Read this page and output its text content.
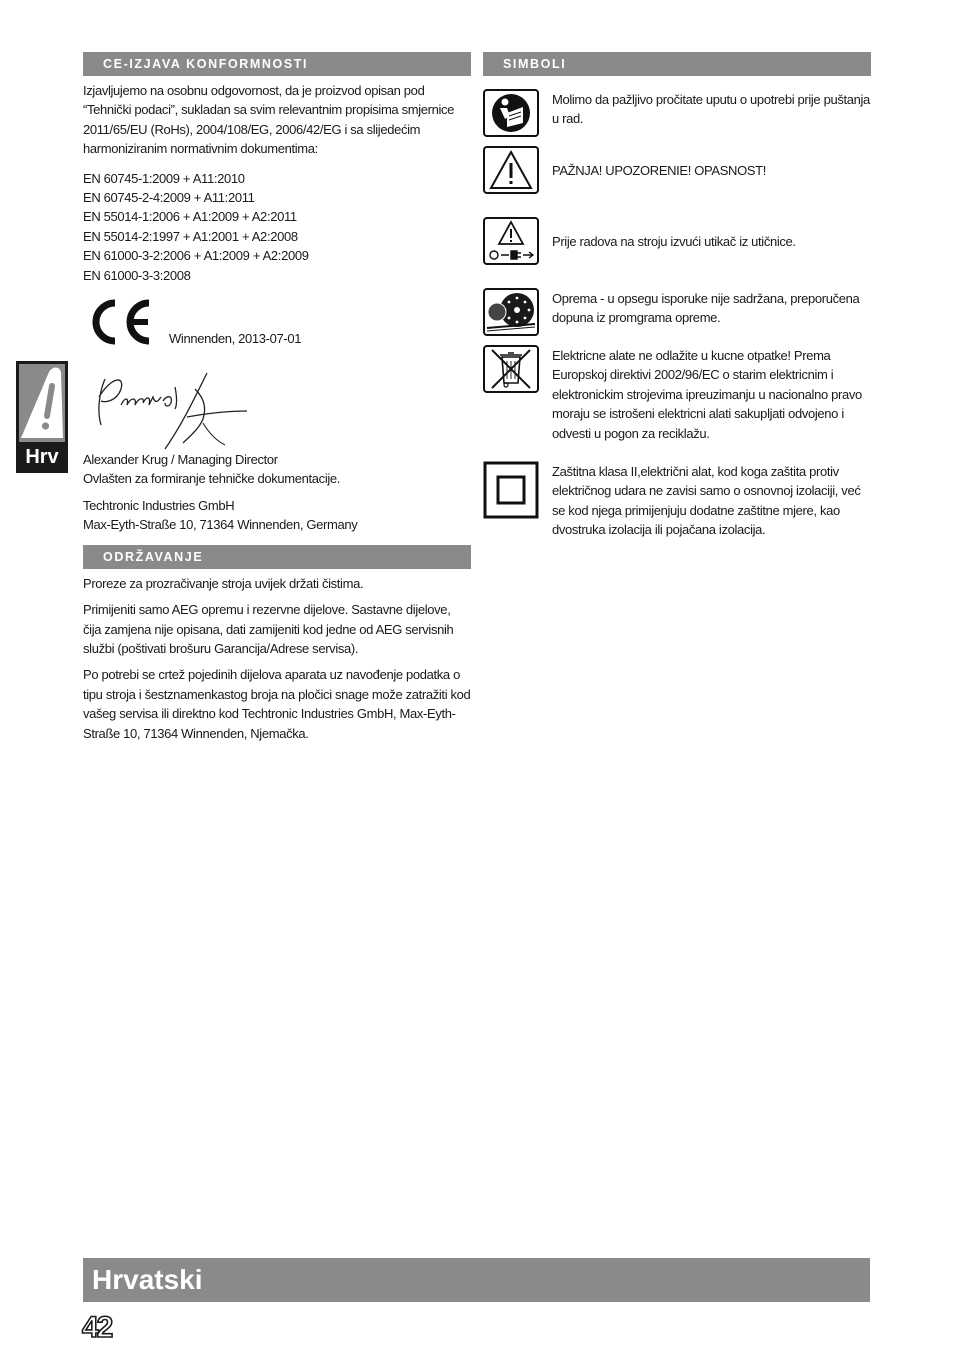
CE-IZJAVA KONFORMNOSTI

Izjavljujemo na osobnu odgovornost, da je proizvod opisan pod “Tehnički podaci”, sukladan sa svim relevantnim propisima smjernice 2011/65/EU (RoHs), 2004/108/EG, 2006/42/EG i sa slijedećim harmoniziranim normativnim dokumentima:

EN 60745-1:2009 + A11:2010
EN 60745-2-4:2009 + A11:2011
EN 55014-1:2006 + A1:2009 + A2:2011
EN 55014-2:1997 + A1:2001 + A2:2008
EN 61000-3-2:2006 + A1:2009 + A2:2009
EN 61000-3-3:2008
Winnenden, 2013-07-01
Alexander Krug / Managing Director
Ovlašten za formiranje tehničke dokumentacije.
Techtronic Industries GmbH
Max-Eyth-Straße 10, 71364 Winnenden, Germany
ODRŽAVANJE

Proreze za prozračivanje stroja uvijek držati čistima.

Primijeniti samo AEG opremu i rezervne dijelove. Sastavne dijelove, čija zamjena nije opisana, dati zamijeniti kod jedne od AEG servisnih službi (poštivati brošuru Garancija/Adrese servisa).

Po potrebi se crtež pojedinih dijelova aparata uz navođenje podatka o tipu stroja i šestznamenkastog broja na pločici snage može zatražiti kod vašeg servisa ili direktno kod Techtronic Industries GmbH, Max-Eyth-Straße 10, 71364 Winnenden, Njemačka.

SIMBOLI

Molimo da pažljivo pročitate uputu o upotrebi prije puštanja u rad.

PAŽNJA! UPOZORENIE! OPASNOST!

Prije radova na stroju izvući utikač iz utičnice.

Oprema - u opsegu isporuke nije sadržana, preporučena dopuna iz promgrama opreme.

Elektricne alate ne odlažite u kucne otpatke! Prema Europskoj direktivi 2002/96/EC o starim elektricnim i elektronickim strojevima ipreuzimanju u nacionalno pravo moraju se istrošeni elektricni alati sakupljati odvojeno i odvesti u pogon za reciklažu.

Zaštitna klasa II,električni alat, kod koga zaštita protiv električnog udara ne zavisi samo o osnovnoj izolaciji, već se kod njega primijenjuju dodatne zaštitne mjere, kao dvostruka izolacija ili pojačana izolacija.

Hrv
Hrvatski
42
